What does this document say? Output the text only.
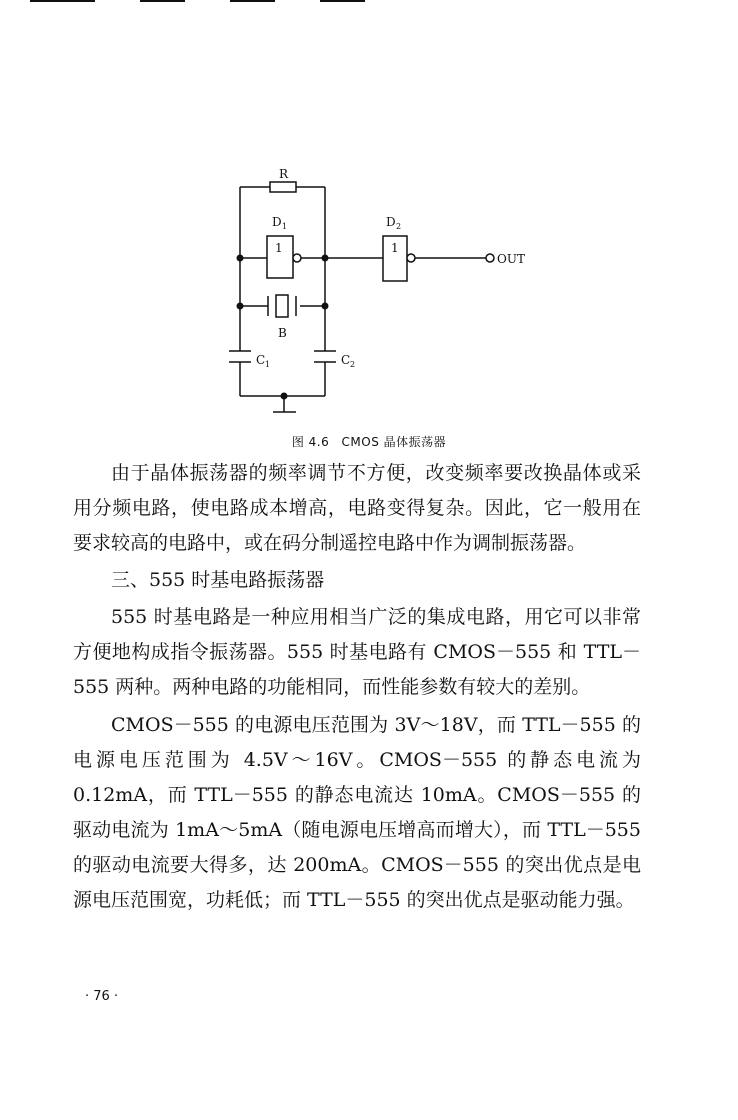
R
D 1	D 2
1	1
OUT
B
C 1	C 2
图 4.6 CMOS 晶体振荡器

由于晶体振荡器的频率调节不方便，改变频率要改换晶体或采用分频电路，使电路成本增高，电路变得复杂。因此，它一般用在要求较高的电路中，或在码分制遥控电路中作为调制振荡器。

三、555 时基电路振荡器

555 时基电路是一种应用相当广泛的集成电路，用它可以非常方便地构成指令振荡器。555 时基电路有 CMOS－555 和 TTL－555 两种。两种电路的功能相同，而性能参数有较大的差别。

CMOS－555 的电源电压范围为 3V～18V，而 TTL－555 的电源电压范围为 4.5V～16V。CMOS－555 的静态电流为 0.12mA，而 TTL－555 的静态电流达 10mA。CMOS－555 的驱动电流为 1mA～5mA（随电源电压增高而增大），而 TTL－555 的驱动电流要大得多，达 200mA。CMOS－555 的突出优点是电源电压范围宽，功耗低；而 TTL－555 的突出优点是驱动能力强。

· 76 ·
